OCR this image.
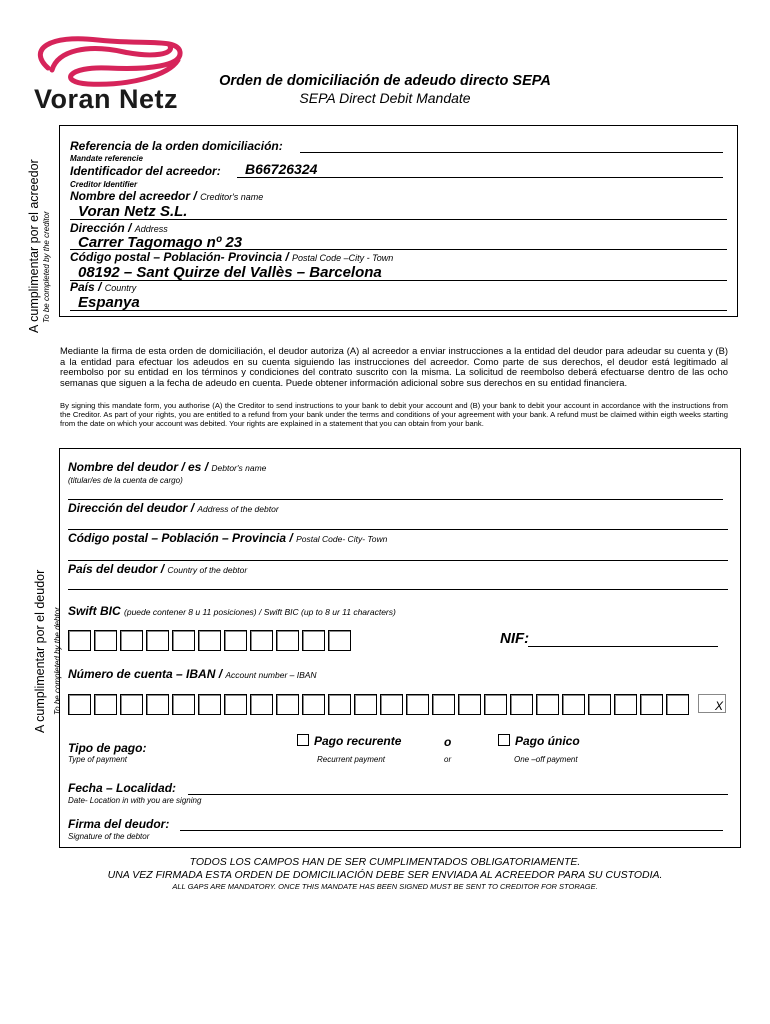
Voran Netz
Orden de domiciliación de adeudo directo SEPA
SEPA Direct Debit Mandate
A cumplimentar por el acreedor To be completed by the creditor
Referencia de la orden domiciliación:
Mandate referencie
Identificador del acreedor: B66726324
Creditor Identifier
Nombre del acreedor / Creditor's name
Voran Netz S.L.
Dirección / Address
Carrer Tagomago nº 23
Código postal – Población- Provincia / Postal Code –City - Town
08192 – Sant Quirze del Vallès – Barcelona
País / Country
Espanya
Mediante la firma de esta orden de domiciliación, el deudor autoriza (A) al acreedor a enviar instrucciones a la entidad del deudor para adeudar su cuenta y (B) a la entidad para efectuar los adeudos en su cuenta siguiendo las instrucciones del acreedor. Como parte de sus derechos, el deudor está legitimado al reembolso por su entidad en los términos y condiciones del contrato suscrito con la misma. La solicitud de reembolso deberá efectuarse dentro de las ocho semanas que siguen a la fecha de adeudo en cuenta. Puede obtener información adicional sobre sus derechos en su entidad financiera.
By signing this mandate form, you authorise (A) the Creditor to send instructions to your bank to debit your account and (B) your bank to debit your account in accordance with the instructions from the Creditor. As part of your rights, you are entitled to a refund from your bank under the terms and conditions of your agreement with your bank. A refund must be claimed within eigth weeks starting from the date on which your account was debited. Your rights are explained in a statement that you can obtain from your bank.
A cumplimentar por el deudor To be completed by the debtor
Nombre del deudor / es / Debtor's name
(titular/es de la cuenta de cargo)
Dirección del deudor / Address of the debtor
Código postal – Población – Provincia / Postal Code- City- Town
País del deudor / Country of the debtor
Swift BIC (puede contener 8 u 11 posiciones) / Swift BIC (up to 8 ur 11 characters)
NIF:
Número de cuenta – IBAN / Account number – IBAN
X
Tipo de pago:
Type of payment
Pago recurente
Recurrent payment
o
or
Pago único
One –off payment
Fecha – Localidad:
Date- Location in with you are signing
Firma del deudor:
Signature of the debtor
TODOS LOS CAMPOS HAN DE SER CUMPLIMENTADOS OBLIGATORIAMENTE.
UNA VEZ FIRMADA ESTA ORDEN DE DOMICILIACIÓN DEBE SER ENVIADA AL ACREEDOR PARA SU CUSTODIA.
ALL GAPS ARE MANDATORY. ONCE THIS MANDATE HAS BEEN SIGNED MUST BE SENT TO CREDITOR FOR STORAGE.
